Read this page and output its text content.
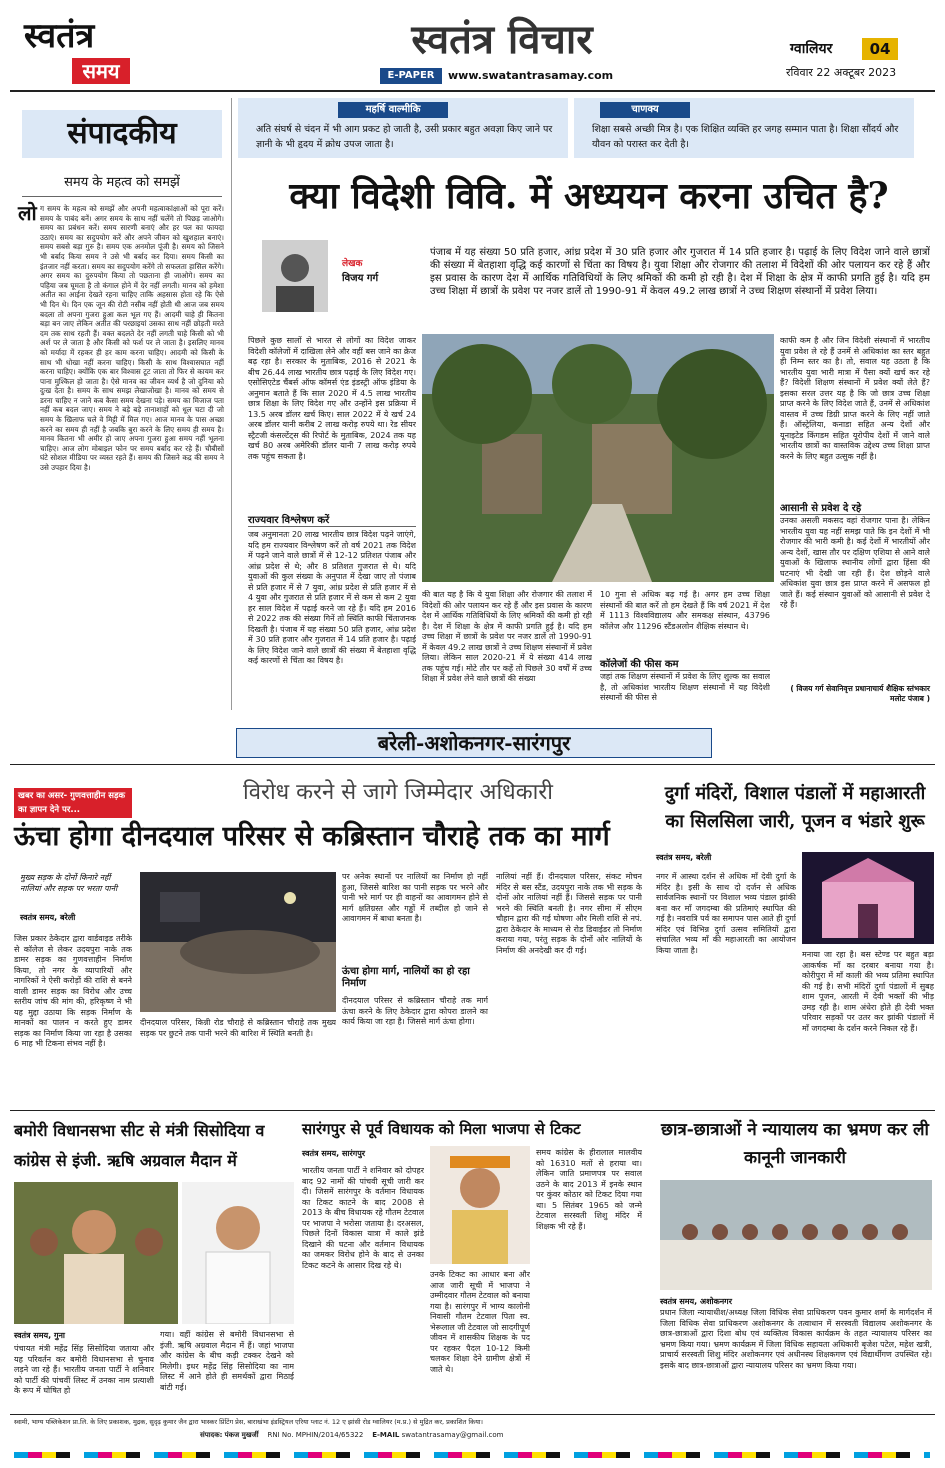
स्वतंत्र
समय
स्वतंत्र विचार
E-PAPER	www.swatantrasamay.com
ग्वालियर	04
रविवार 22 अक्टूबर 2023
महर्षि वाल्मीकि
अति संघर्ष से चंदन में भी आग प्रकट हो जाती है, उसी प्रकार बहुत अवज्ञा किए जाने पर ज्ञानी के भी हृदय में क्रोध उपज जाता है।
चाणक्य
शिक्षा सबसे अच्छी मित्र है। एक शिक्षित व्यक्ति हर जगह सम्मान पाता है। शिक्षा सौंदर्य और यौवन को परास्त कर देती है।
संपादकीय
समय के महत्व को समझें
लो ग समय के महत्व को समझें और अपनी महत्वाकांक्षाओं को पूरा करें। समय के पाबंद बनें। अगर समय के साथ नहीं चलेंगे तो पिछड़ जाओगे। समय का प्रबंधन करें। समय सारणी बनाएं और हर पल का फायदा उठाएं। समय का सदुपयोग करें और अपने जीवन को खुशहाल बनाएं। समय सबसे बड़ा गुरु है। समय एक अनमोल पूंजी है। समय को जिसने भी बर्बाद किया समय ने उसे भी बर्बाद कर दिया। समय किसी का इंतजार नहीं करता। समय का सदुपयोग करेंगे तो सफलता हासिल करेंगे। अगर समय का दुरुपयोग किया तो पछताना ही जाओगे। समय का पहिया जब घूमता है तो कंगाल होने में देर नहीं लगती। मानव को हमेशा अतीत का आईना देखते रहना चाहिए ताकि अहसास होता रहे कि ऐसे भी दिन थे। दिन एक जून की रोटी नसीब नहीं होती थी आज जब समय बदला तो अपना गुजरा हुआ कल भूल गए हैं। आदमी चाहे ही कितना बड़ा बन जाए लेकिन अतीत की परछाइयां उसका साथ नहीं छोड़ती मरते दम तक साथ रहती हैं। वक्त बदलते देर नहीं लगती चाहे किसी को भी अर्श पर ले जाता है और किसी को फर्श पर ले जाता है। इसलिए मानव को मर्यादा में रहकर ही हर काम करना चाहिए। आदमी को किसी के साथ भी धोखा नहीं करना चाहिए। किसी के साथ विश्वासघात नहीं करना चाहिए। क्योंकि एक बार विश्वास टूट जाता तो फिर से कायम कर पाना मुश्किल हो जाता है। ऐसे मानव का जीवन व्यर्थ है जो दुनिया को दुःख देता है। समय के साथ समझ लेखाजोखा है। मानव को समय से डरना चाहिए न जाने कब कैसा समय देखना पड़े। समय का मिजाज पता नहीं कब बदल जाए। समय ने बड़े बड़े तानाशाहों को धूल चटा दी जो समय के खिलाफ चले वे मिट्टी में मिल गए। आज मानव के पास अच्छा करने का समय ही नहीं है जबकि बुरा करने के लिए समय ही समय है। मानव कितना भी अमीर हो जाए अपना गुजरा हुआ समय नहीं भूलना चाहिए। आज लोग मोबाइल फोन पर समय बर्बाद कर रहे हैं। चौबीसों घंटे सोशल मीडिया पर व्यस्त रहते हैं। समय की जिसने कद्र की समय ने उसे उपहार दिया है।
क्या विदेशी विवि. में अध्ययन करना उचित है?
लेखक
विजय गर्ग
पंजाब में यह संख्या 50 प्रति हजार, आंध्र प्रदेश में 30 प्रति हजार और गुजरात में 14 प्रति हजार है। पढ़ाई के लिए विदेश जाने वाले छात्रों की संख्या में बेतहाशा वृद्धि कई कारणों से चिंता का विषय है। युवा शिक्षा और रोजगार की तलाश में विदेशों की ओर पलायन कर रहे हैं और इस प्रवास के कारण देश में आर्थिक गतिविधियों के लिए श्रमिकों की कमी हो रही है। देश में शिक्षा के क्षेत्र में काफी प्रगति हुई है। यदि हम उच्च शिक्षा में छात्रों के प्रवेश पर नजर डालें तो 1990-91 में केवल 49.2 लाख छात्रों ने उच्च शिक्षण संस्थानों में प्रवेश लिया।
पिछले कुछ सालों से भारत से लोगों का विदेश जाकर विदेशी कॉलेजों में दाखिला लेने और वहीं बस जाने का क्रेज बढ़ रहा है। सरकार के मुताबिक, 2016 से 2021 के बीच 26.44 लाख भारतीय छात्र पढ़ाई के लिए विदेश गए। एसोसिएटेड चैंबर्स ऑफ कॉमर्स एंड इंडस्ट्री ऑफ इंडिया के अनुमान बताते हैं कि साल 2020 में 4.5 लाख भारतीय छात्र शिक्षा के लिए विदेश गए और उन्होंने इस प्रक्रिया में 13.5 अरब डॉलर खर्च किए। साल 2022 में ये खर्च 24 अरब डॉलर यानी करीब 2 लाख करोड़ रुपये था। रेड सीयर स्ट्रैटजी कंसल्टेंट्स की रिपोर्ट के मुताबिक, 2024 तक यह खर्च 80 अरब अमेरिकी डॉलर यानी 7 लाख करोड़ रुपये तक पहुंच सकता है।
राज्यवार विश्लेषण करें
जब अनुमानतः 20 लाख भारतीय छात्र विदेश पढ़ने जाएंगे, यदि हम राज्यवार विश्लेषण करें तो वर्ष 2021 तक विदेश में पढ़ने जाने वाले छात्रों में से 12-12 प्रतिशत पंजाब और आंध्र प्रदेश से थे; और 8 प्रतिशत गुजरात से थे। यदि युवाओं की कुल संख्या के अनुपात में देखा जाए तो पंजाब से प्रति हजार में से 7 युवा, आंध्र प्रदेश से प्रति हजार में से 4 युवा और गुजरात से प्रति हजार में से कम से कम 2 युवा हर साल विदेश में पढ़ाई करने जा रहे हैं। यदि हम 2016 से 2022 तक की संख्या गिनें तो स्थिति काफी चिंताजनक दिखती है। पंजाब में यह संख्या 50 प्रति हजार, आंध्र प्रदेश में 30 प्रति हजार और गुजरात में 14 प्रति हजार है। पढ़ाई के लिए विदेश जाने वाले छात्रों की संख्या में बेतहाशा वृद्धि कई कारणों से चिंता का विषय है।
की बात यह है कि ये युवा शिक्षा और रोजगार की तलाश में विदेशों की ओर पलायन कर रहे हैं और इस प्रवास के कारण देश में आर्थिक गतिविधियों के लिए श्रमिकों की कमी हो रही है। देश में शिक्षा के क्षेत्र में काफी प्रगति हुई है। यदि हम उच्च शिक्षा में छात्रों के प्रवेश पर नजर डालें तो 1990-91 में केवल 49.2 लाख छात्रों ने उच्च शिक्षण संस्थानों में प्रवेश लिया। लेकिन साल 2020-21 में ये संख्या 414 लाख तक पहुंच गई। मोटे तौर पर कहें तो पिछले 30 वर्षों में उच्च शिक्षा में प्रवेश लेने वाले छात्रों की संख्या
10 गुना से अधिक बढ़ गई है। अगर हम उच्च शिक्षा संस्थानों की बात करें तो हम देखते हैं कि वर्ष 2021 में देश में 1113 विश्वविद्यालय और समकक्ष संस्थान, 43796 कॉलेज और 11296 स्टैंडअलोन शैक्षिक संस्थान थे।
कॉलेजों की फीस कम
जहां तक शिक्षण संस्थानों में प्रवेश के लिए शुल्क का सवाल है, तो अधिकांश भारतीय शिक्षण संस्थानों में यह विदेशी संस्थानों की फीस से
काफी कम है और जिन विदेशी संस्थानों में भारतीय युवा प्रवेश ले रहे हैं उनमें से अधिकांश का स्तर बहुत ही निम्न स्तर का है। तो, सवाल यह उठता है कि भारतीय युवा भारी मात्रा में पैसा क्यों खर्च कर रहे हैं? विदेशी शिक्षण संस्थानों में प्रवेश क्यों लेते हैं? इसका सरल उत्तर यह है कि जो छात्र उच्च शिक्षा प्राप्त करने के लिए विदेश जाते हैं, उनमें से अधिकांश वास्तव में उच्च डिग्री प्राप्त करने के लिए नहीं जाते हैं। ऑस्ट्रेलिया, कनाडा सहित अन्य देशों और यूनाइटेड किंगडम सहित यूरोपीय देशों में जाने वाले भारतीय छात्रों का वास्तविक उद्देश्य उच्च शिक्षा प्राप्त करने के लिए बहुत उत्सुक नहीं है।
आसानी से प्रवेश दे रहे
उनका असली मकसद वहां रोजगार पाना है। लेकिन भारतीय युवा यह नहीं समझ पाते कि इन देशों में भी रोजगार की भारी कमी है। कई देशों में भारतीयों और अन्य देशों, खास तौर पर दक्षिण एशिया से आने वाले युवाओं के खिलाफ स्थानीय लोगों द्वारा हिंसा की घटनाएं भी देखी जा रही हैं। देश छोड़ने वाले अधिकांश युवा छात्र इस प्राप्त करने में असफल हो जाते हैं। कई संस्थान युवाओं को आसानी से प्रवेश दे रहे हैं।
( विजय गर्ग सेवानिवृत्त प्रधानाचार्य शैक्षिक स्तंभकार मलोट पंजाब )
बरेली-अशोकनगर-सारंगपुर
खबर का असर- गुणवत्ताहीन सड़क का ज्ञापन देने पर...
विरोध करने से जागे जिम्मेदार अधिकारी
ऊंचा होगा दीनदयाल परिसर से कब्रिस्तान चौराहे तक का मार्ग
मुख्य सड़क के दोनों किनारे नहीं नालियां और सड़क पर भरता पानी
स्वतंत्र समय, बरेली
जिस प्रकार ठेकेदार द्वारा वार्डवाइड तरीके से कॉलेज से लेकर उदयपुरा नाके तक डामर सड़क का गुणवत्ताहीन निर्माण किया, तो नगर के व्यापारियों और नागरिकों ने ऐसी करोड़ों की राशि से बनने वाली डामर सड़क का विरोध और उच्च स्तरीय जांच की मांग की, हरिकृष्ण ने भी यह मुद्दा उठाया कि सड़क निर्माण के मानकों का पालन न करते हुए डामर सड़क का निर्माण किया जा रहा है उसका 6 माह भी टिकना संभव नहीं है।
दीनदयाल परिसर, किन्नी रोड चौराहे से कब्रिस्तान चौराहे तक मुख्य सड़क पर छुटने तक पानी भरने की बारिश में स्थिति बनती है।
पर अनेक स्थानों पर नालियों का निर्माण हो नहीं हुआ, जिससे बारिश का पानी सड़क पर भरने और पानी भरे मार्ग पर ही वाहनों का आवागमन होने से मार्ग क्षतिग्रस्त और गड्ढों में तब्दील हो जाने से आवागमन में बाधा बनता है।
ऊंचा होगा मार्ग, नालियों का हो रहा निर्माण
दीनदयाल परिसर से कब्रिस्तान चौराहे तक मार्ग ऊंचा करने के लिए ठेकेदार द्वारा कोपरा डालने का कार्य किया जा रहा है। जिससे मार्ग ऊंचा होगा।
नालियां नहीं हैं। दीनदयाल परिसर, संकट मोचन मंदिर से बस स्टैंड, उदयपुरा नाके तक भी सड़क के दोनों ओर नालियां नहीं हैं। जिससे सड़क पर पानी भरने की स्थिति बनती है। नगर सीमा में सीएम चौहान द्वारा की गई घोषणा और मिली राशि से नपं. द्वारा ठेकेदार के माध्यम से रोड डिवाईडर तो निर्माण कराया गया, परंतु सड़क के दोनों ओर नालियों के निर्माण की अनदेखी कर दी गई।
दुर्गा मंदिरों, विशाल पंडालों में महाआरती का सिलसिला जारी, पूजन व भंडारे शुरू
स्वतंत्र समय, बरेली
नगर में आस्था दर्शन से अधिक माँ देवी दुर्गा के मंदिर है। इसी के साथ दो दर्जन से अधिक सार्वजनिक स्थानों पर विशाल भव्य पंडाल झांकी बना कर माँ जगदम्बा की प्रतिमाएं स्थापित की गई है। नवरात्रि पर्व का समापन पास आते ही दुर्गा मंदिर एवं विभिन्न दुर्गा उत्सव समितियों द्वारा संचालित भव्य माँ की महाआरती का आयोजन किया जाता है।	मनाया जा रहा है। बस स्टेण्ड पर बहुत बड़ा आकर्षक माँ का दरबार बनाया गया है। कोरीपुरा में माँ काली की भव्य प्रतिमा स्थापित की गई है। सभी मंदिरों दुर्गा पंडालों में सुबह शाम पूजन, आरती में देवी भक्तों की भीड़ उमड़ रही है। शाम अंधेरा होते ही देवी भक्त परिवार सड़कों पर उतर कर झांकी पंडालों में माँ जगदम्बा के दर्शन करने निकल रहे हैं।
बमोरी विधानसभा सीट से मंत्री सिसोदिया व कांग्रेस से इंजी. ऋषि अग्रवाल मैदान में
स्वतंत्र समय, गुना
पंचायत मंत्री महेंद्र सिंह सिसोदिया जताया और यह परिवर्तन कर बमोरी विधानसभा से चुनाव लड़ने जा रहे हैं। भारतीय जनता पार्टी ने शनिवार को पार्टी की पांचवीं लिस्ट में उनका नाम प्रत्याशी के रूप में घोषित हो
गया। वहीं कांग्रेस से बमोरी विधानसभा से इंजी. ऋषि अग्रवाल मैदान में हैं। जहां भाजपा और कांग्रेस के बीच कड़ी टक्कर देखने को मिलेगी। इधर महेंद्र सिंह सिसोदिया का नाम लिस्ट में आने होते ही समर्थकों द्वारा मिठाई बांटी गई।
सारंगपुर से पूर्व विधायक को मिला भाजपा से टिकट
स्वतंत्र समय, सारंगपुर
भारतीय जनता पार्टी ने शनिवार को दोपहर बाद 92 नामों की पांचवी सूची जारी कर दी। जिसमें सारंगपुर के वर्तमान विधायक का टिकट काटने के बाद 2008 से 2013 के बीच विधायक रहे गौतम टेटवाल पर भाजपा ने भरोसा जताया है। दरअसल, पिछले दिनों विकास यात्रा में काले झंडे दिखाने की घटना और वर्तमान विधायक का जमकर विरोध होने के बाद से उनका टिकट कटने के आसार दिख रहे थे।
उनके टिकट का आधार बना और आज जारी सूची में भाजपा ने उम्मीदवार गौतम टेटवाल को बनाया गया है। सारंगपुर में भाग्य कालोनी निवासी गौतम टेटवाल पिता स्व. भेरूलाल जी टेटवाल जो सादगीपूर्ण जीवन में शासकीय शिक्षक के पद पर रहकर पैदल 10-12 किमी चलकर शिक्षा देने ग्रामीण क्षेत्रों में जाते थे।
समय कांग्रेस के हीरालाल मालवीय को 16310 मतों से हराया था। लेकिन जाति प्रमाणपत्र पर सवाल उठने के बाद 2013 में इनके स्थान पर कुंवर कोठार को टिकट दिया गया था। 5 सितंबर 1965 को जन्मे टेटवाल सरस्वती शिशु मंदिर में शिक्षक भी रहे हैं।
छात्र-छात्राओं ने न्यायालय का भ्रमण कर ली कानूनी जानकारी
स्वतंत्र समय, अशोकनगर
प्रधान जिला न्यायाधीश/अध्यक्ष जिला विधिक सेवा प्राधिकरण पवन कुमार शर्मा के मार्गदर्शन में जिला विधिक सेवा प्राधिकरण अशोकनगर के तत्वाधान में सरस्वती विद्यालय अशोकनगर के छात्र-छात्राओं द्वारा दिशा बोध एवं व्यक्तित्व विकास कार्यक्रम के तहत न्यायालय परिसर का भ्रमण किया गया। भ्रमण कार्यक्रम में जिला विधिक सहायता अधिकारी बृजेश पटेल, महेश खत्री, प्राचार्य सरस्वती शिशु मंदिर अशोकनगर एवं अधीनस्थ शिक्षकगण एवं विद्यार्थीगण उपस्थित रहे। इसके बाद छात्र-छात्राओं द्वारा न्यायालय परिसर का भ्रमण किया गया।
स्वामी, भाग्य पब्लिकेशन प्रा.लि. के लिए प्रकाशक, मुद्रक, सुदृढ़ कुमार जैन द्वारा भास्कर प्रिंटिंग प्रेस, बाराखंभा इंडस्ट्रियल एरिया प्लाट नं. 12 ए झांसी रोड ग्वालियर (म.प्र.) से मुद्रित कर, प्रकाशित किया।
संपादक: पंकज मुखर्जी RNI No. MPHIN/2014/65322 E-MAIL swatantrasamay@gmail.com
